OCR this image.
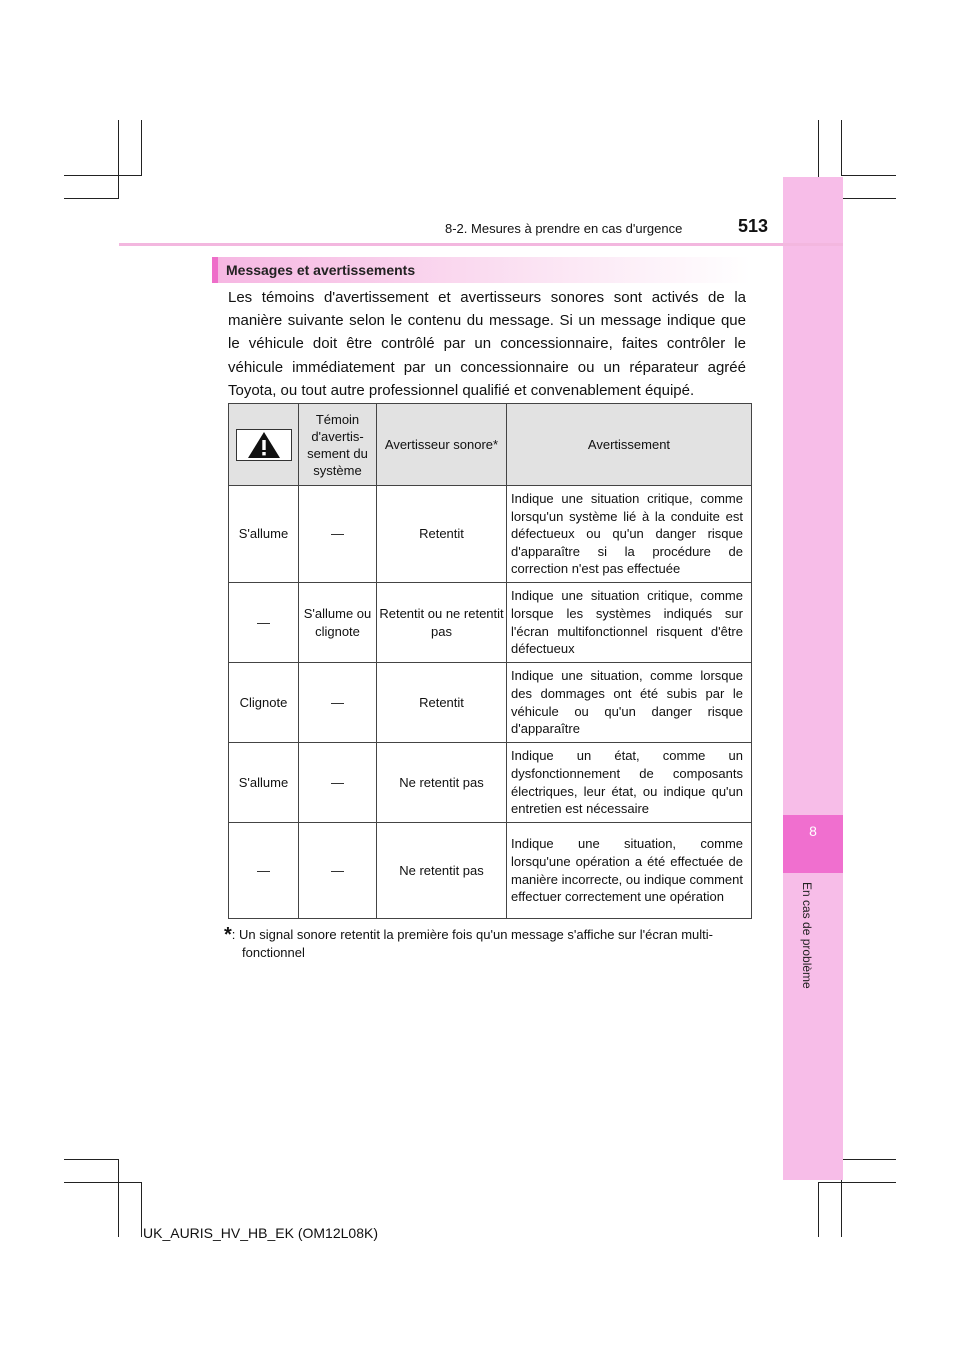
8
En cas de problème
8-2. Mesures à prendre en cas d'urgence	513
Messages et avertissements
Les témoins d'avertissement et avertisseurs sonores sont activés de la manière suivante selon le contenu du message. Si un message indique que le véhicule doit être contrôlé par un concessionnaire, faites contrôler le véhicule immédiatement par un concessionnaire ou un réparateur agréé Toyota, ou tout autre professionnel qualifié et convenablement équipé.
	Témoin d'avertis-sement du système	Avertisseur sonore*	Avertissement
S'allume	—	Retentit	Indique une situation critique, comme lorsqu'un système lié à la conduite est défectueux ou qu'un danger risque d'apparaître si la procédure de correction n'est pas effectuée
—	S'allume ou clignote	Retentit ou ne retentit pas	Indique une situation critique, comme lorsque les systèmes indiqués sur l'écran multifonctionnel risquent d'être défectueux
Clignote	—	Retentit	Indique une situation, comme lorsque des dommages ont été subis par le véhicule ou qu'un danger risque d'apparaître
S'allume	—	Ne retentit pas	Indique un état, comme un dysfonctionnement de composants électriques, leur état, ou indique qu'un entretien est nécessaire
—	—	Ne retentit pas	Indique une situation, comme lorsqu'une opération a été effectuée de manière incorrecte, ou indique comment effectuer correctement une opération
*: Un signal sonore retentit la première fois qu'un message s'affiche sur l'écran multi-
fonctionnel
UK_AURIS_HV_HB_EK (OM12L08K)
